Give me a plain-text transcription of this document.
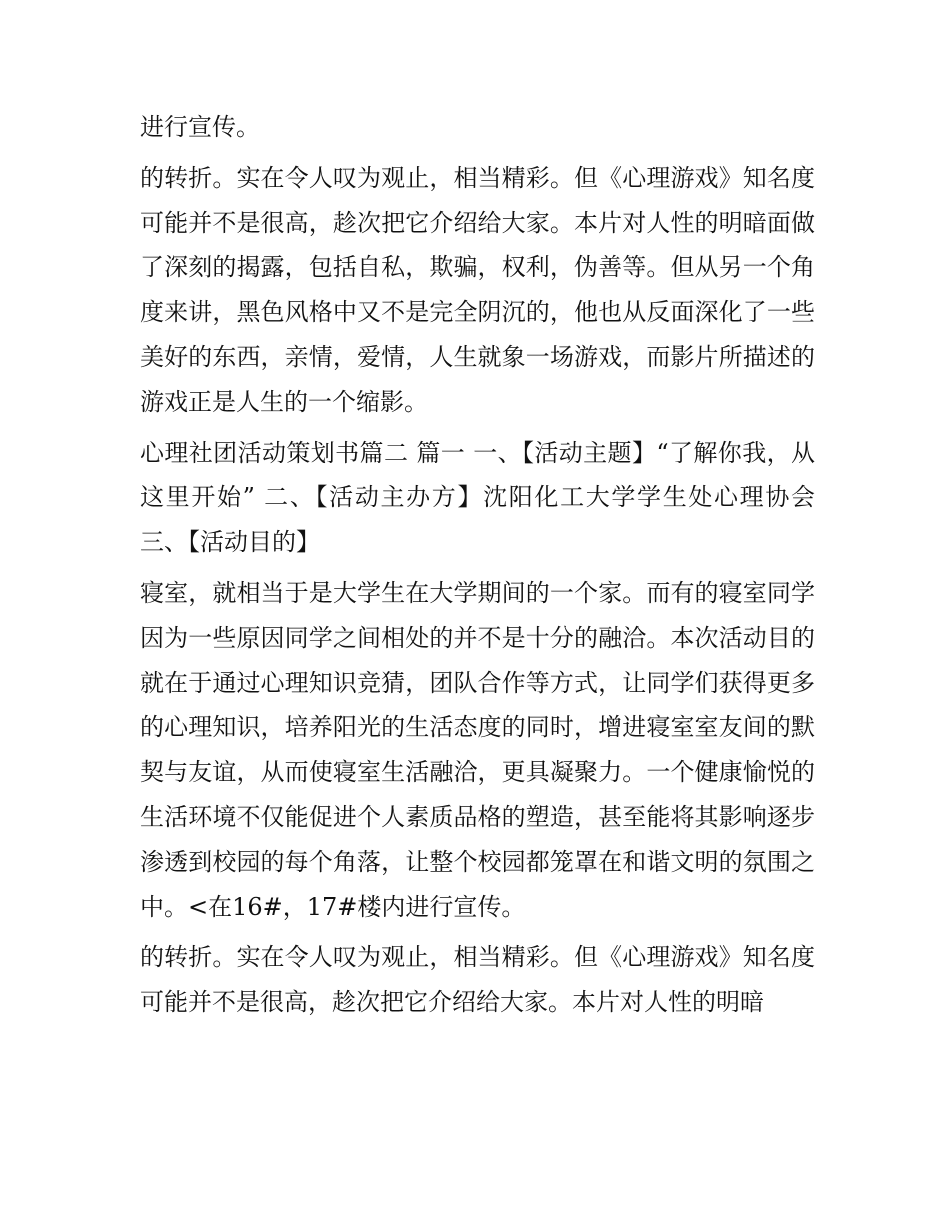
进行宣传。

的转折。实在令人叹为观止，相当精彩。但《心理游戏》知名度可能并不是很高，趁次把它介绍给大家。本片对人性的明暗面做了深刻的揭露，包括自私，欺骗，权利，伪善等。但从另一个角度来讲，黑色风格中又不是完全阴沉的，他也从反面深化了一些美好的东西，亲情，爱情，人生就象一场游戏，而影片所描述的游戏正是人生的一个缩影。

心理社团活动策划书篇二 篇一 一、【活动主题】“了解你我，从这里开始” 二、【活动主办方】沈阳化工大学学生处心理协会 三、【活动目的】

寝室，就相当于是大学生在大学期间的一个家。而有的寝室同学因为一些原因同学之间相处的并不是十分的融洽。本次活动目的就在于通过心理知识竞猜，团队合作等方式，让同学们获得更多的心理知识，培养阳光的生活态度的同时，增进寝室室友间的默契与友谊，从而使寝室生活融洽，更具凝聚力。一个健康愉悦的生活环境不仅能促进个人素质品格的塑造，甚至能将其影响逐步渗透到校园的每个角落，让整个校园都笼罩在和谐文明的氛围之中。<在16#，17#楼内进行宣传。

的转折。实在令人叹为观止，相当精彩。但《心理游戏》知名度可能并不是很高，趁次把它介绍给大家。本片对人性的明暗
